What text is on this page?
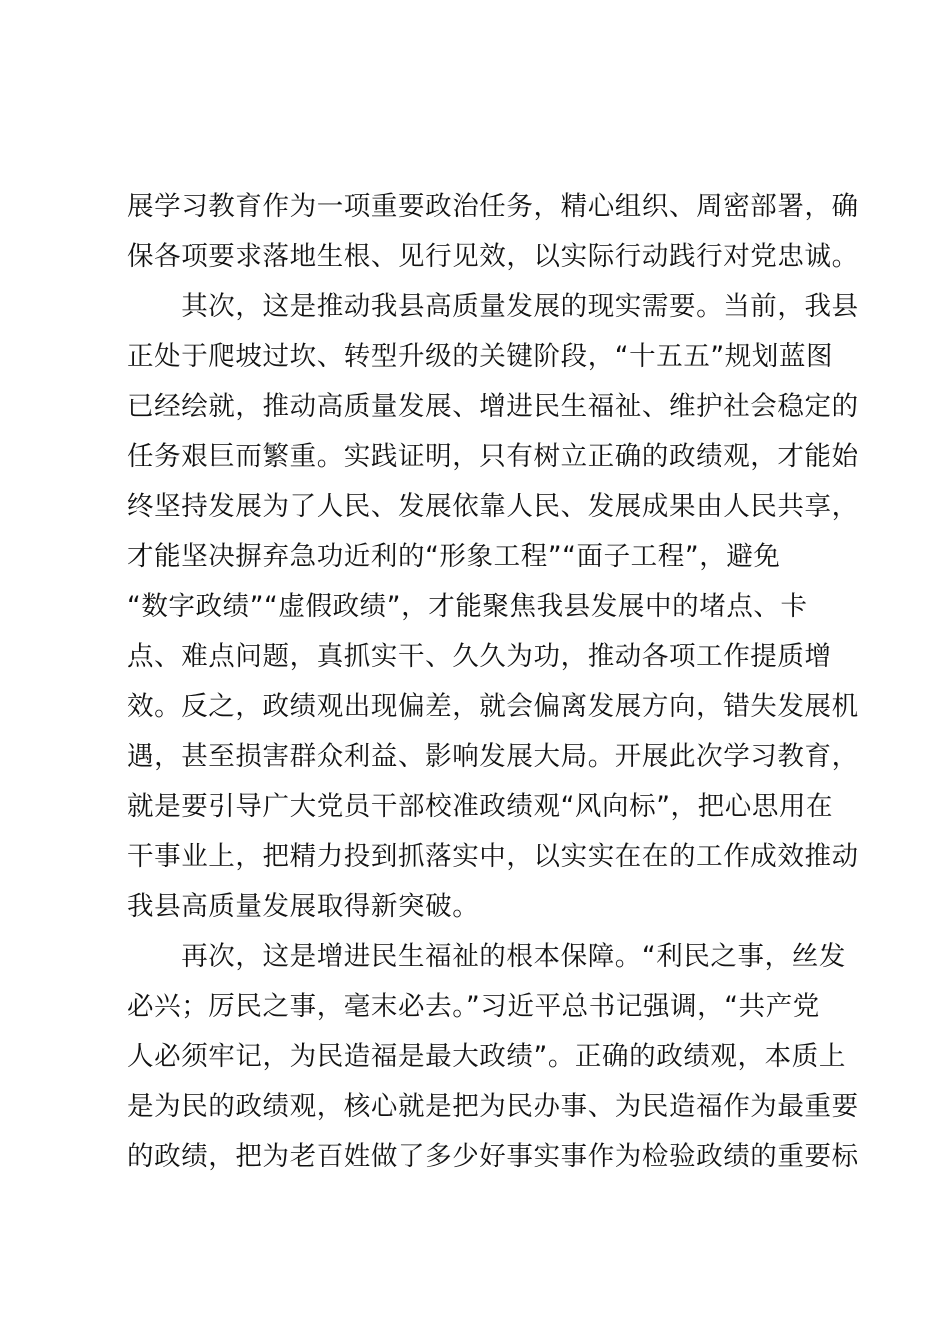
展学习教育作为一项重要政治任务，精心组织、周密部署，确
保各项要求落地生根、见行见效，以实际行动践行对党忠诚。
　　其次，这是推动我县高质量发展的现实需要。当前，我县
正处于爬坡过坎、转型升级的关键阶段，“十五五”规划蓝图
已经绘就，推动高质量发展、增进民生福祉、维护社会稳定的
任务艰巨而繁重。实践证明，只有树立正确的政绩观，才能始
终坚持发展为了人民、发展依靠人民、发展成果由人民共享，
才能坚决摒弃急功近利的“形象工程”“面子工程”，避免
“数字政绩”“虚假政绩”，才能聚焦我县发展中的堵点、卡
点、难点问题，真抓实干、久久为功，推动各项工作提质增
效。反之，政绩观出现偏差，就会偏离发展方向，错失发展机
遇，甚至损害群众利益、影响发展大局。开展此次学习教育，
就是要引导广大党员干部校准政绩观“风向标”，把心思用在
干事业上，把精力投到抓落实中，以实实在在的工作成效推动
我县高质量发展取得新突破。
　　再次，这是增进民生福祉的根本保障。“利民之事，丝发
必兴；厉民之事，毫末必去。”习近平总书记强调，“共产党
人必须牢记，为民造福是最大政绩”。正确的政绩观，本质上
是为民的政绩观，核心就是把为民办事、为民造福作为最重要
的政绩，把为老百姓做了多少好事实事作为检验政绩的重要标
